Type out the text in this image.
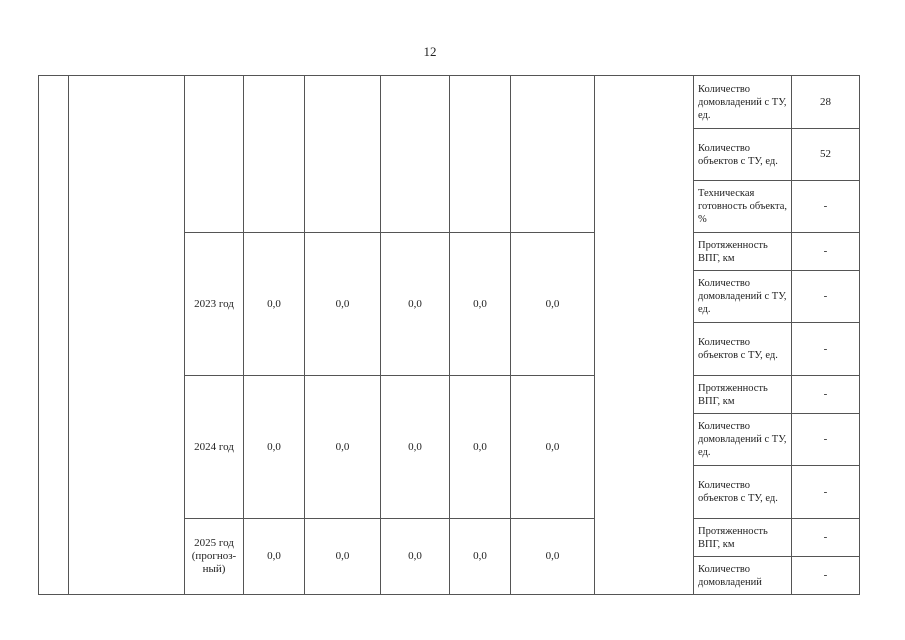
12
									Количество домовладений с ТУ, ед.	28
									Количество объектов с ТУ, ед.	52
									Техническая готовность объекта, %	-
		2023 год	0,0	0,0	0,0	0,0	0,0		Протяженность ВПГ, км	-
									Количество домовладений с ТУ, ед.	-
									Количество объектов с ТУ, ед.	-
		2024 год	0,0	0,0	0,0	0,0	0,0		Протяженность ВПГ, км	-
									Количество домовладений с ТУ, ед.	-
									Количество объектов с ТУ, ед.	-
		2025 год (прогноз-ный)	0,0	0,0	0,0	0,0	0,0		Протяженность ВПГ, км	-
									Количество домовладений	-
